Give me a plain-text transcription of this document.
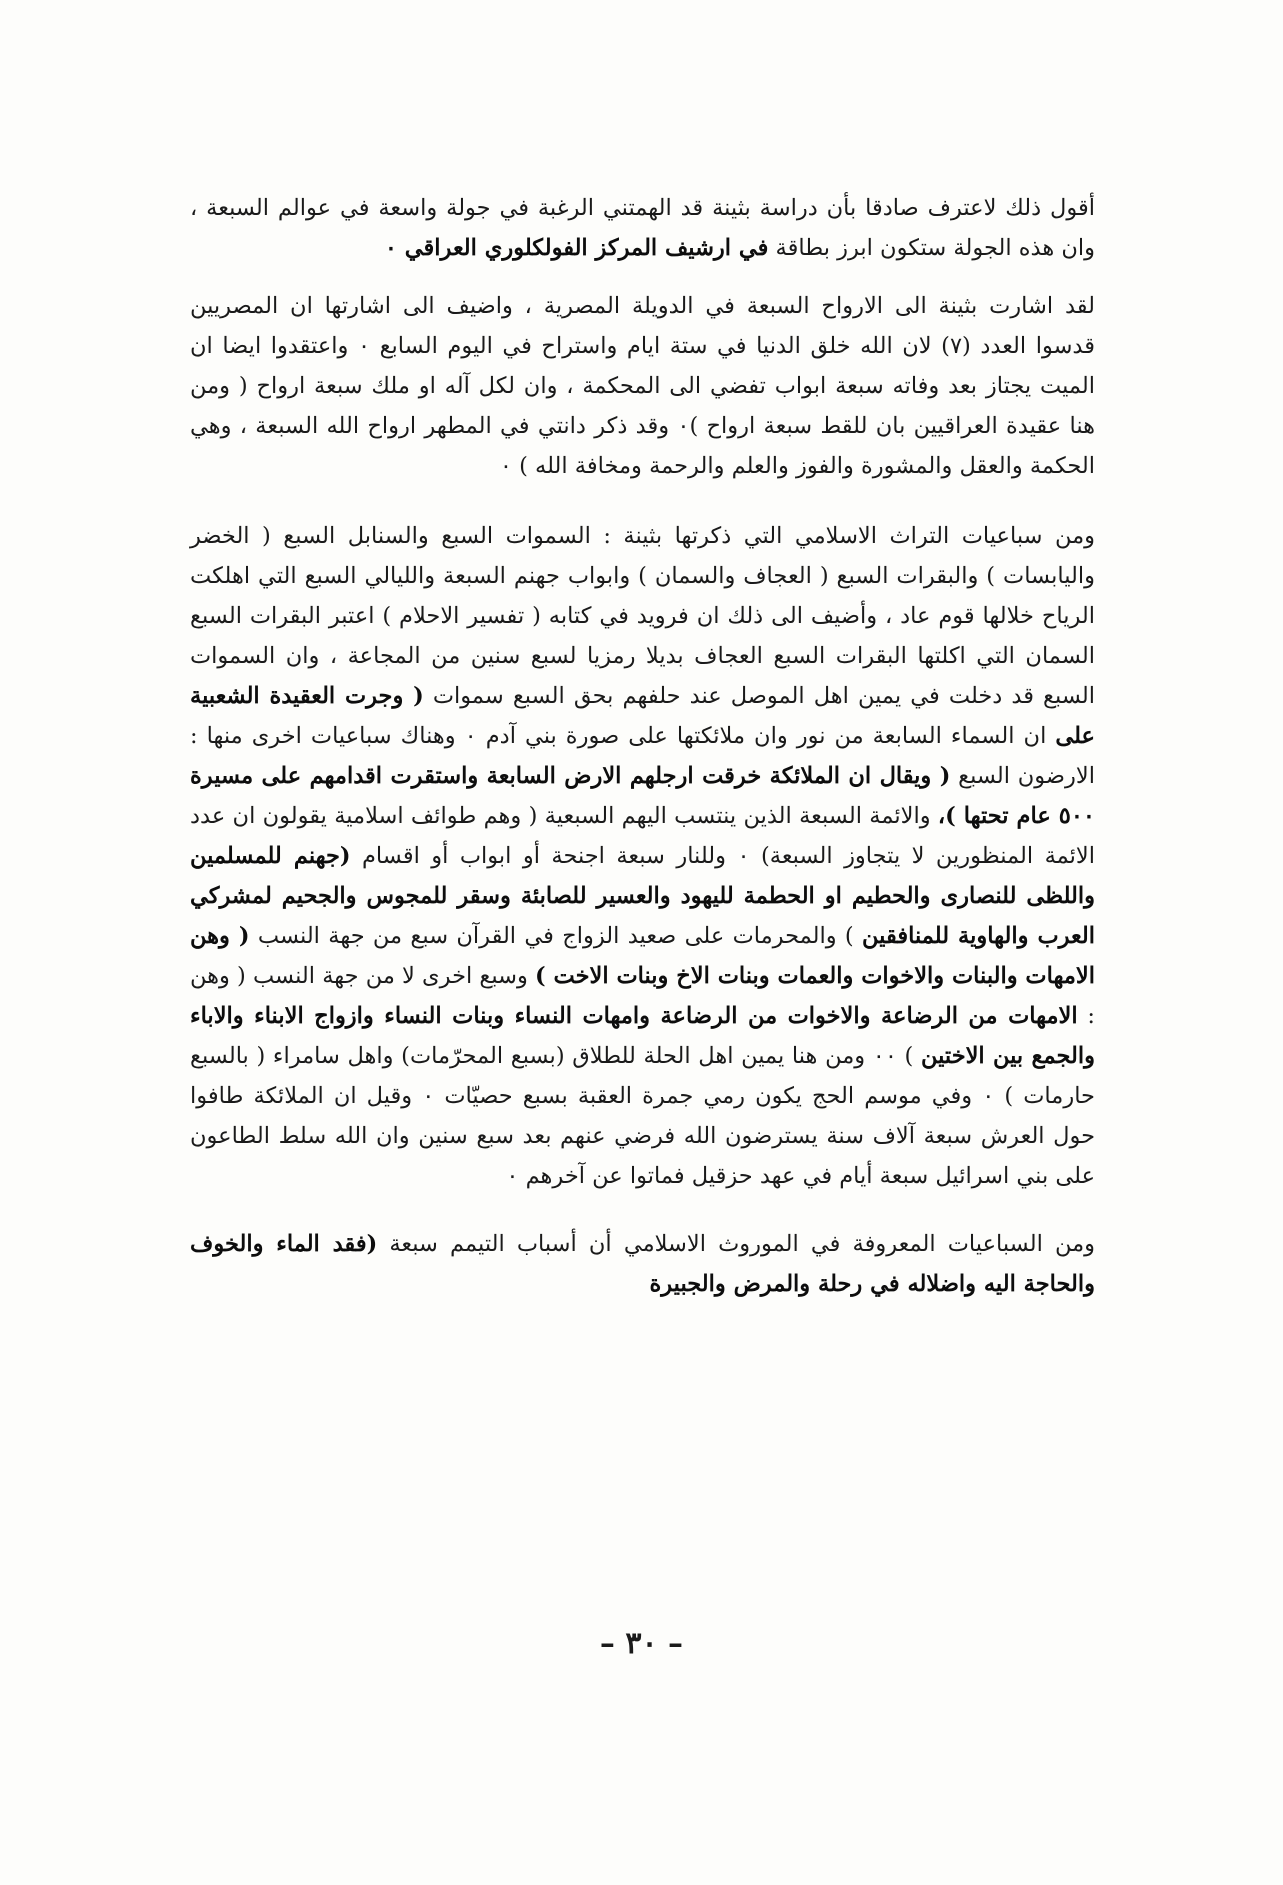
أقول ذلك لاعترف صادقا بأن دراسة بثينة قد الهمتني الرغبة في جولة واسعة في عوالم السبعة ، وان هذه الجولة ستكون ابرز بطاقة في ارشيف المركز الفولكلوري العراقي ٠

لقد اشارت بثينة الى الارواح السبعة في الدويلة المصرية ، واضيف الى اشارتها ان المصريين قدسوا العدد (٧) لان الله خلق الدنيا في ستة ايام واستراح في اليوم السابع ٠ واعتقدوا ايضا ان الميت يجتاز بعد وفاته سبعة ابواب تفضي الى المحكمة ، وان لكل آله او ملك سبعة ارواح ( ومن هنا عقيدة العراقيين بان للقط سبعة ارواح )٠ وقد ذكر دانتي في المطهر ارواح الله السبعة ، وهي الحكمة والعقل والمشورة والفوز والعلم والرحمة ومخافة الله ) ٠

ومن سباعيات التراث الاسلامي التي ذكرتها بثينة : السموات السبع والسنابل السبع ( الخضر واليابسات ) والبقرات السبع ( العجاف والسمان ) وابواب جهنم السبعة والليالي السبع التي اهلكت الرياح خلالها قوم عاد ، وأضيف الى ذلك ان فرويد في كتابه ( تفسير الاحلام ) اعتبر البقرات السبع السمان التي اكلتها البقرات السبع العجاف بديلا رمزيا لسبع سنين من المجاعة ، وان السموات السبع قد دخلت في يمين اهل الموصل عند حلفهم بحق السبع سموات ( وجرت العقيدة الشعبية على ان السماء السابعة من نور وان ملائكتها على صورة بني آدم ٠ وهناك سباعيات اخرى منها : الارضون السبع ( ويقال ان الملائكة خرقت ارجلهم الارض السابعة واستقرت اقدامهم على مسيرة ٥٠٠ عام تحتها )، والائمة السبعة الذين ينتسب اليهم السبعية ( وهم طوائف اسلامية يقولون ان عدد الائمة المنظورين لا يتجاوز السبعة) ٠ وللنار سبعة اجنحة أو ابواب أو اقسام (جهنم للمسلمين واللظى للنصارى والحطيم او الحطمة لليهود والعسير للصابئة وسقر للمجوس والجحيم لمشركي العرب والهاوية للمنافقين ) والمحرمات على صعيد الزواج في القرآن سبع من جهة النسب ( وهن الامهات والبنات والاخوات والعمات وبنات الاخ وبنات الاخت ) وسبع اخرى لا من جهة النسب ( وهن : الامهات من الرضاعة والاخوات من الرضاعة وامهات النساء وبنات النساء وازواج الابناء والاباء والجمع بين الاختين ) ٠٠ ومن هنا يمين اهل الحلة للطلاق (بسبع المحرّمات) واهل سامراء ( بالسبع حارمات ) ٠ وفي موسم الحج يكون رمي جمرة العقبة بسبع حصيّات ٠ وقيل ان الملائكة طافوا حول العرش سبعة آلاف سنة يسترضون الله فرضي عنهم بعد سبع سنين وان الله سلط الطاعون على بني اسرائيل سبعة أيام في عهد حزقيل فماتوا عن آخرهم ٠

ومن السباعيات المعروفة في الموروث الاسلامي أن أسباب التيمم سبعة (فقد الماء والخوف والحاجة اليه واضلاله في رحلة والمرض والجبيرة

– ٣٠ –
